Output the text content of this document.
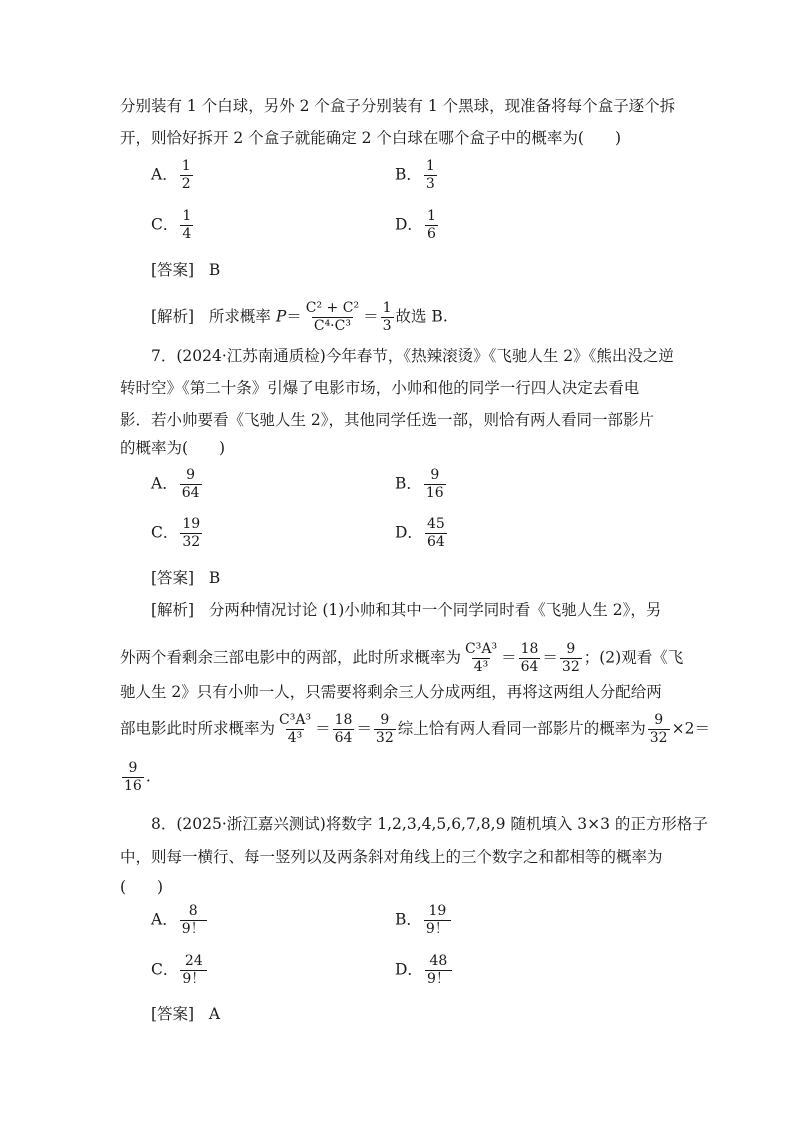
分别装有 1 个白球，另外 2 个盒子分别装有 1 个黑球，现准备将每个盒子逐个拆
开，则恰好拆开 2 个盒子就能确定 2 个白球在哪个盒子中的概率为(　　)
A． $\frac{1}{2}$	B． $\frac{1}{3}$
C． $\frac{1}{4}$	D． $\frac{1}{6}$
[答案] B
[解析] 所求概率 $P= \frac{\text{C² + C²}}{\text{C⁴·C³}} = \frac{1}{3}$ 故选 B.
7．(2024·江苏南通质检)今年春节，《热辣滚烫》《飞驰人生 2》《熊出没之逆
转时空》《第二十条》引爆了电影市场，小帅和他的同学一行四人决定去看电
影．若小帅要看《飞驰人生 2》，其他同学任选一部，则恰有两人看同一部影片
的概率为(　　)
A． $\frac{9}{64}$	B． $\frac{9}{16}$
C． $\frac{19}{32}$	D． $\frac{45}{64}$
[答案] B
[解析] 分两种情况讨论 (1)小帅和其中一个同学同时看《飞驰人生 2》，另
外两个看剩余三部电影中的两部，此时所求概率为 $\frac{\text{C³A³}}{\text{4³}} = \frac{18}{64} = \frac{9}{32}$ ；(2)观看《飞
驰人生 2》只有小帅一人，只需要将剩余三人分成两组，再将这两组人分配给两
部电影此时所求概率为 $\frac{\text{C³A³}}{\text{4³}} = \frac{18}{64} = \frac{9}{32}$ 综上恰有两人看同一部影片的概率为 $\frac{9}{32} \times 2=$
$\frac{9}{16}$ .
8．(2025·浙江嘉兴测试)将数字 1,2,3,4,5,6,7,8,9 随机填入 3×3 的正方形格子
中，则每一横行、每一竖列以及两条斜对角线上的三个数字之和都相等的概率为
(　　)
A． $\frac{8}{9!}$	B． $\frac{19}{9!}$
C． $\frac{24}{9!}$	D． $\frac{48}{9!}$
[答案] A
